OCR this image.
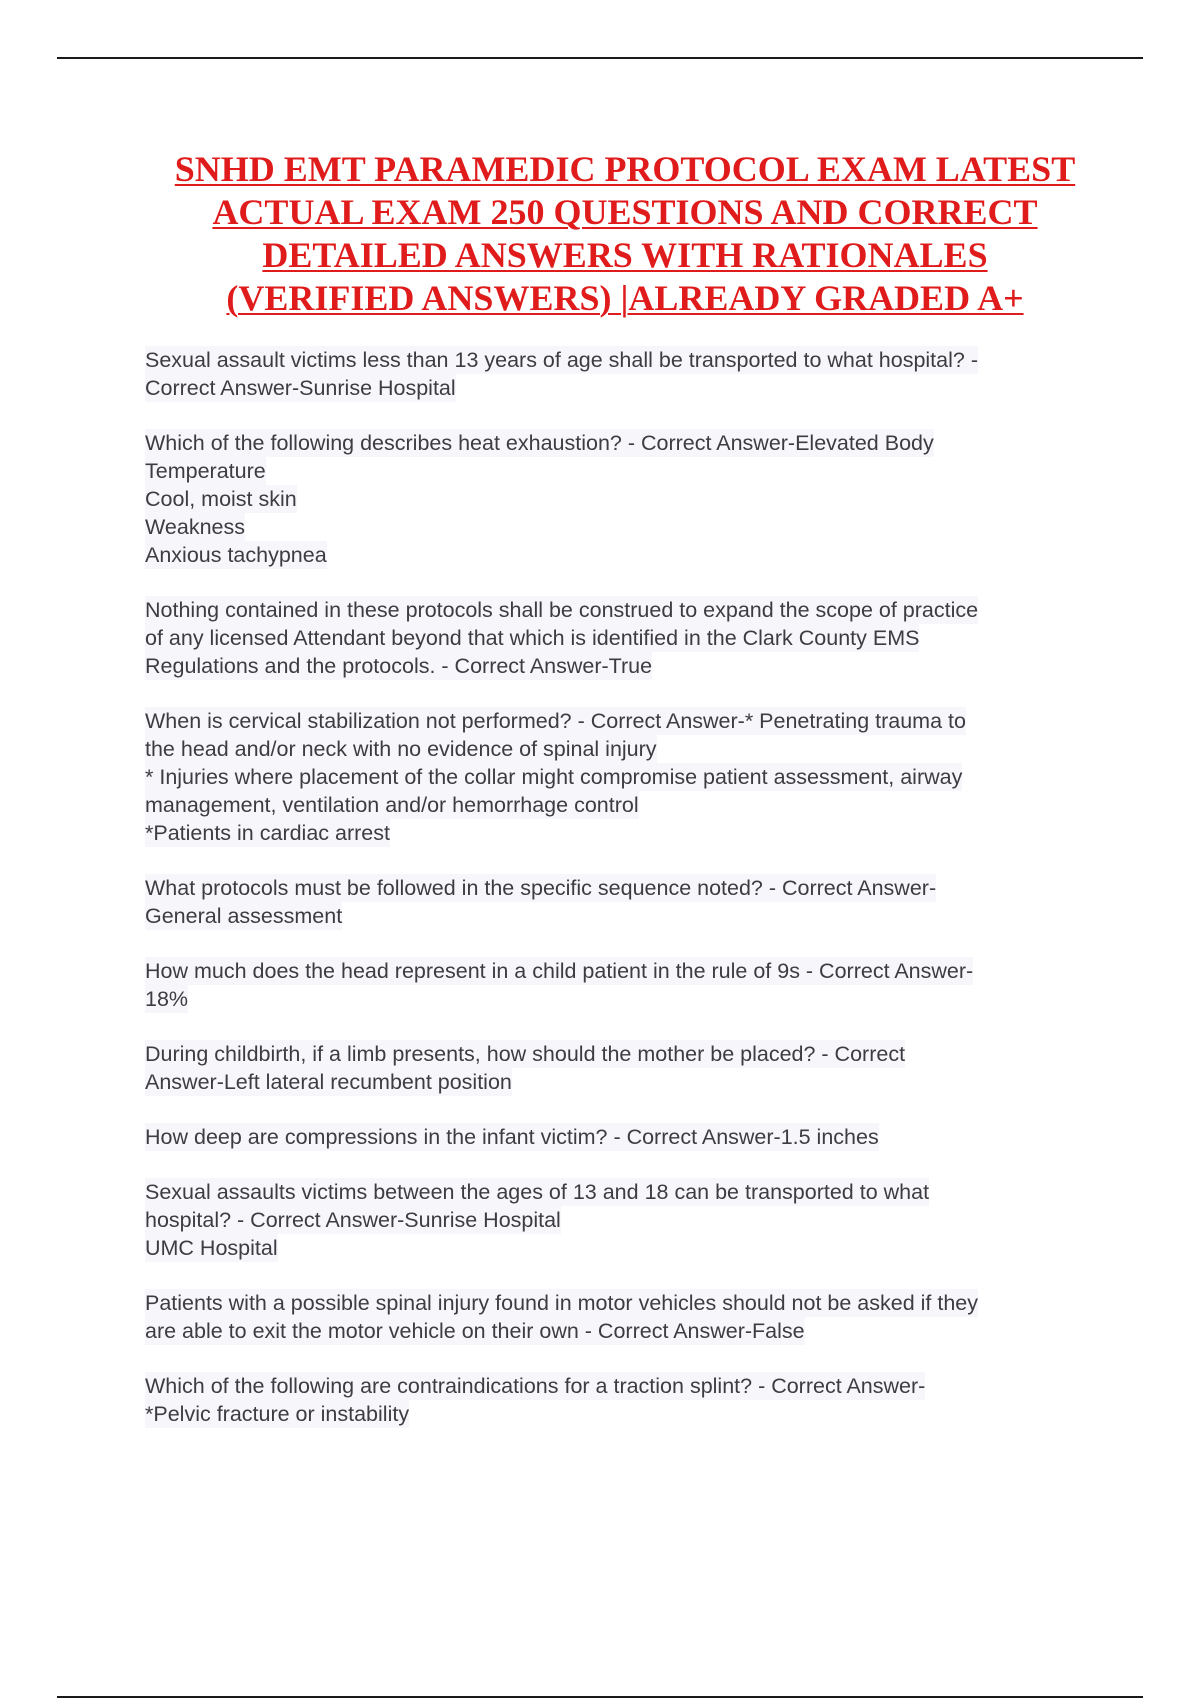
SNHD EMT PARAMEDIC PROTOCOL EXAM LATEST
ACTUAL EXAM 250 QUESTIONS AND CORRECT
DETAILED ANSWERS WITH RATIONALES
(VERIFIED ANSWERS) |ALREADY GRADED A+
Sexual assault victims less than 13 years of age shall be transported to what hospital? -
Correct Answer-Sunrise Hospital
Which of the following describes heat exhaustion? - Correct Answer-Elevated Body
Temperature
Cool, moist skin
Weakness
Anxious tachypnea
Nothing contained in these protocols shall be construed to expand the scope of practice
of any licensed Attendant beyond that which is identified in the Clark County EMS
Regulations and the protocols. - Correct Answer-True
When is cervical stabilization not performed? - Correct Answer-* Penetrating trauma to
the head and/or neck with no evidence of spinal injury
* Injuries where placement of the collar might compromise patient assessment, airway
management, ventilation and/or hemorrhage control
*Patients in cardiac arrest
What protocols must be followed in the specific sequence noted? - Correct Answer-
General assessment
How much does the head represent in a child patient in the rule of 9s - Correct Answer-
18%
During childbirth, if a limb presents, how should the mother be placed? - Correct
Answer-Left lateral recumbent position
How deep are compressions in the infant victim? - Correct Answer-1.5 inches
Sexual assaults victims between the ages of 13 and 18 can be transported to what
hospital? - Correct Answer-Sunrise Hospital
UMC Hospital
Patients with a possible spinal injury found in motor vehicles should not be asked if they
are able to exit the motor vehicle on their own - Correct Answer-False
Which of the following are contraindications for a traction splint? - Correct Answer-
*Pelvic fracture or instability
